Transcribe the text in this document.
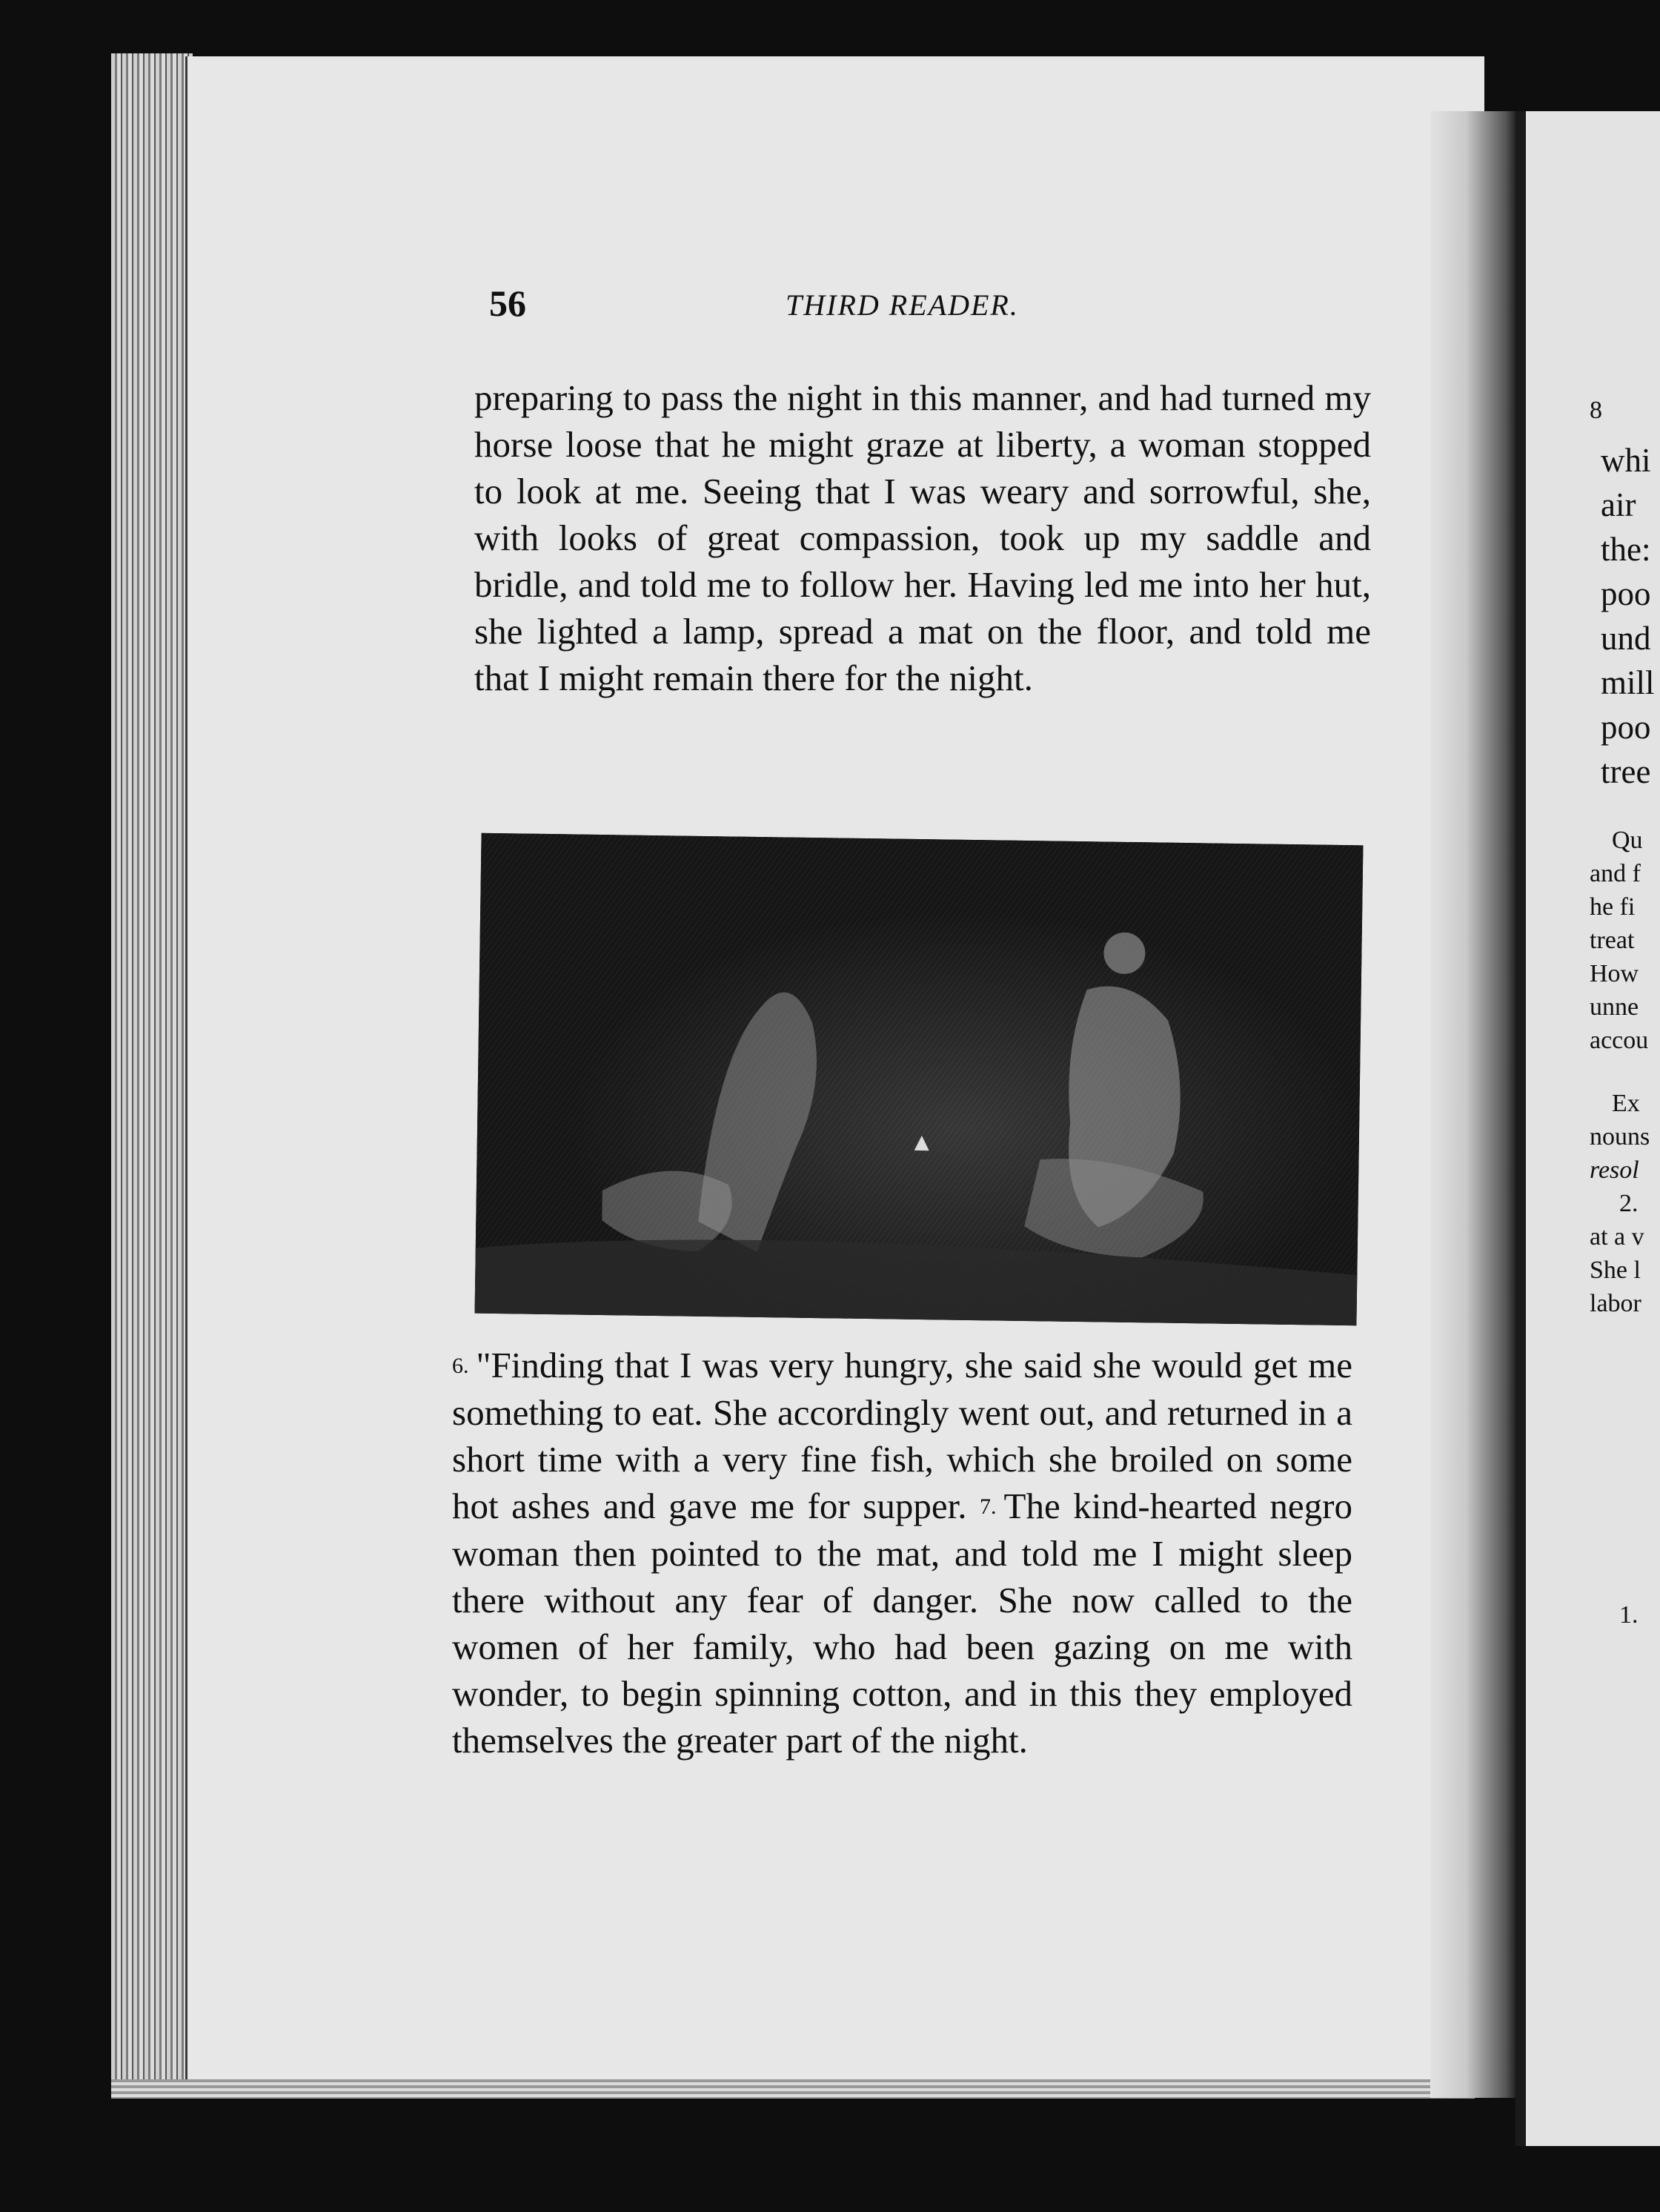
56	THIRD READER.

preparing to pass the night in this manner, and had turned my horse loose that he might graze at liberty, a woman stopped to look at me. Seeing that I was weary and sorrowful, she, with looks of great compassion, took up my saddle and bridle, and told me to follow her. Having led me into her hut, she lighted a lamp, spread a mat on the floor, and told me that I might remain there for the night.

6. "Finding that I was very hungry, she said she would get me something to eat. She accordingly went out, and returned in a short time with a very fine fish, which she broiled on some hot ashes and gave me for supper. 7. The kind-hearted negro woman then pointed to the mat, and told me I might sleep there without any fear of danger. She now called to the women of her family, who had been gazing on me with wonder, to begin spinning cotton, and in this they employed themselves the greater part of the night.

8
whi
air
the:
poo
und
mill
poo
tree
Qu
and f
he fi
treat
How
unne
accou
Ex
nouns
resol
2.
at a v
She l
labor
1.
